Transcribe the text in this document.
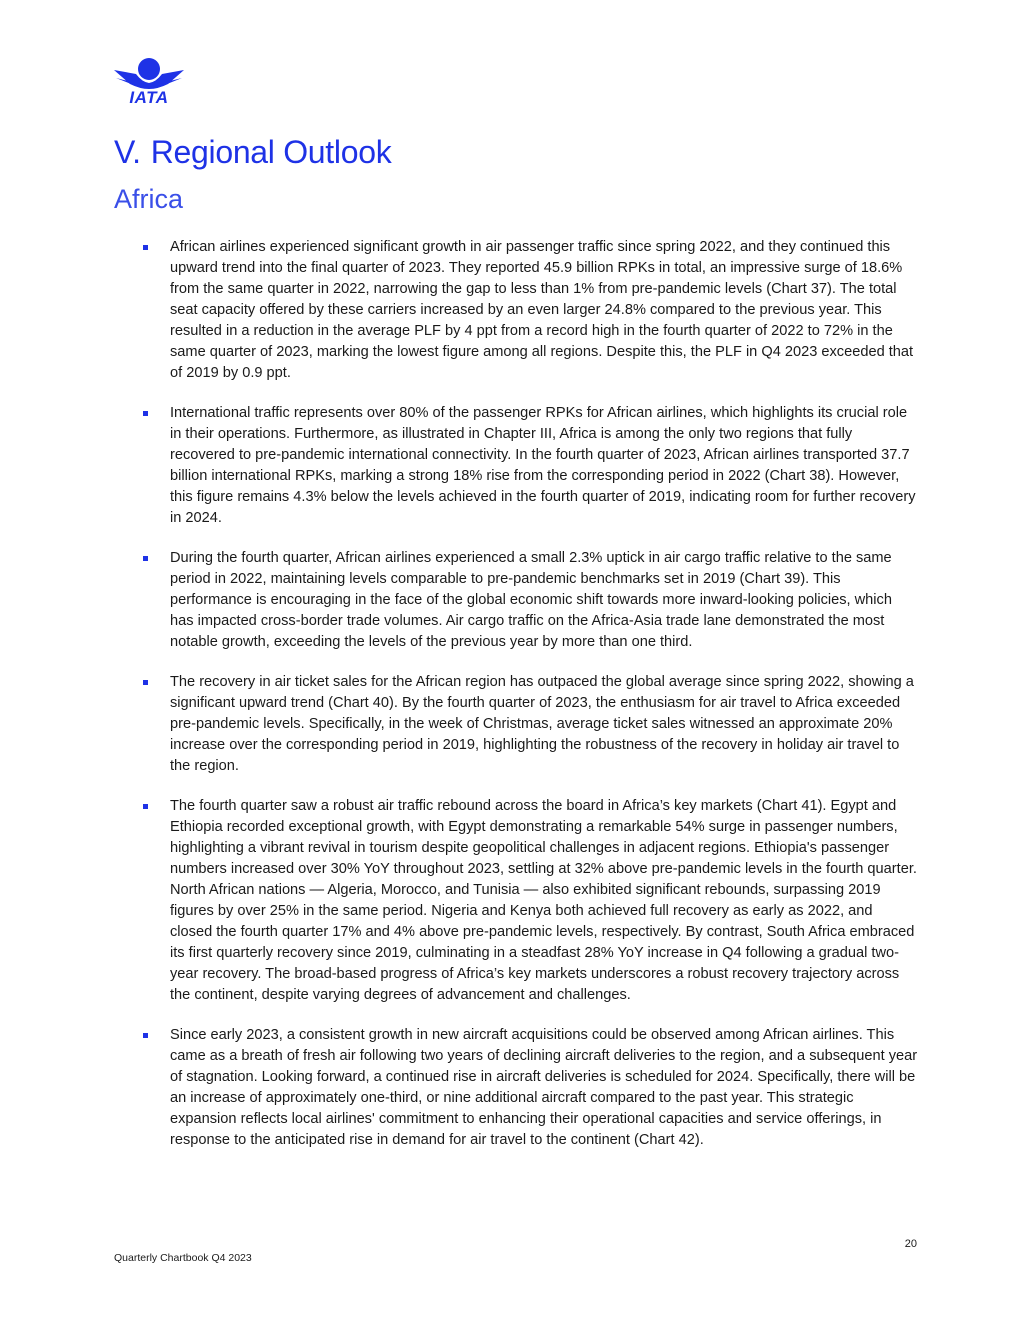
IATA
V. Regional Outlook
Africa
African airlines experienced significant growth in air passenger traffic since spring 2022, and they continued this upward trend into the final quarter of 2023. They reported 45.9 billion RPKs in total, an impressive surge of 18.6% from the same quarter in 2022, narrowing the gap to less than 1% from pre-pandemic levels (Chart 37). The total seat capacity offered by these carriers increased by an even larger 24.8% compared to the previous year. This resulted in a reduction in the average PLF by 4 ppt from a record high in the fourth quarter of 2022 to 72% in the same quarter of 2023, marking the lowest figure among all regions. Despite this, the PLF in Q4 2023 exceeded that of 2019 by 0.9 ppt.
International traffic represents over 80% of the passenger RPKs for African airlines, which highlights its crucial role in their operations. Furthermore, as illustrated in Chapter III, Africa is among the only two regions that fully recovered to pre-pandemic international connectivity. In the fourth quarter of 2023, African airlines transported 37.7 billion international RPKs, marking a strong 18% rise from the corresponding period in 2022 (Chart 38). However, this figure remains 4.3% below the levels achieved in the fourth quarter of 2019, indicating room for further recovery in 2024.
During the fourth quarter, African airlines experienced a small 2.3% uptick in air cargo traffic relative to the same period in 2022, maintaining levels comparable to pre-pandemic benchmarks set in 2019 (Chart 39). This performance is encouraging in the face of the global economic shift towards more inward-looking policies, which has impacted cross-border trade volumes. Air cargo traffic on the Africa-Asia trade lane demonstrated the most notable growth, exceeding the levels of the previous year by more than one third.
The recovery in air ticket sales for the African region has outpaced the global average since spring 2022, showing a significant upward trend (Chart 40). By the fourth quarter of 2023, the enthusiasm for air travel to Africa exceeded pre-pandemic levels. Specifically, in the week of Christmas, average ticket sales witnessed an approximate 20% increase over the corresponding period in 2019, highlighting the robustness of the recovery in holiday air travel to the region.
The fourth quarter saw a robust air traffic rebound across the board in Africa’s key markets (Chart 41). Egypt and Ethiopia recorded exceptional growth, with Egypt demonstrating a remarkable 54% surge in passenger numbers, highlighting a vibrant revival in tourism despite geopolitical challenges in adjacent regions. Ethiopia's passenger numbers increased over 30% YoY throughout 2023, settling at 32% above pre-pandemic levels in the fourth quarter. North African nations — Algeria, Morocco, and Tunisia — also exhibited significant rebounds, surpassing 2019 figures by over 25% in the same period. Nigeria and Kenya both achieved full recovery as early as 2022, and closed the fourth quarter 17% and 4% above pre-pandemic levels, respectively. By contrast, South Africa embraced its first quarterly recovery since 2019, culminating in a steadfast 28% YoY increase in Q4 following a gradual two-year recovery. The broad-based progress of Africa’s key markets underscores a robust recovery trajectory across the continent, despite varying degrees of advancement and challenges.
Since early 2023, a consistent growth in new aircraft acquisitions could be observed among African airlines. This came as a breath of fresh air following two years of declining aircraft deliveries to the region, and a subsequent year of stagnation. Looking forward, a continued rise in aircraft deliveries is scheduled for 2024. Specifically, there will be an increase of approximately one-third, or nine additional aircraft compared to the past year. This strategic expansion reflects local airlines' commitment to enhancing their operational capacities and service offerings, in response to the anticipated rise in demand for air travel to the continent (Chart 42).
20
Quarterly Chartbook Q4 2023
